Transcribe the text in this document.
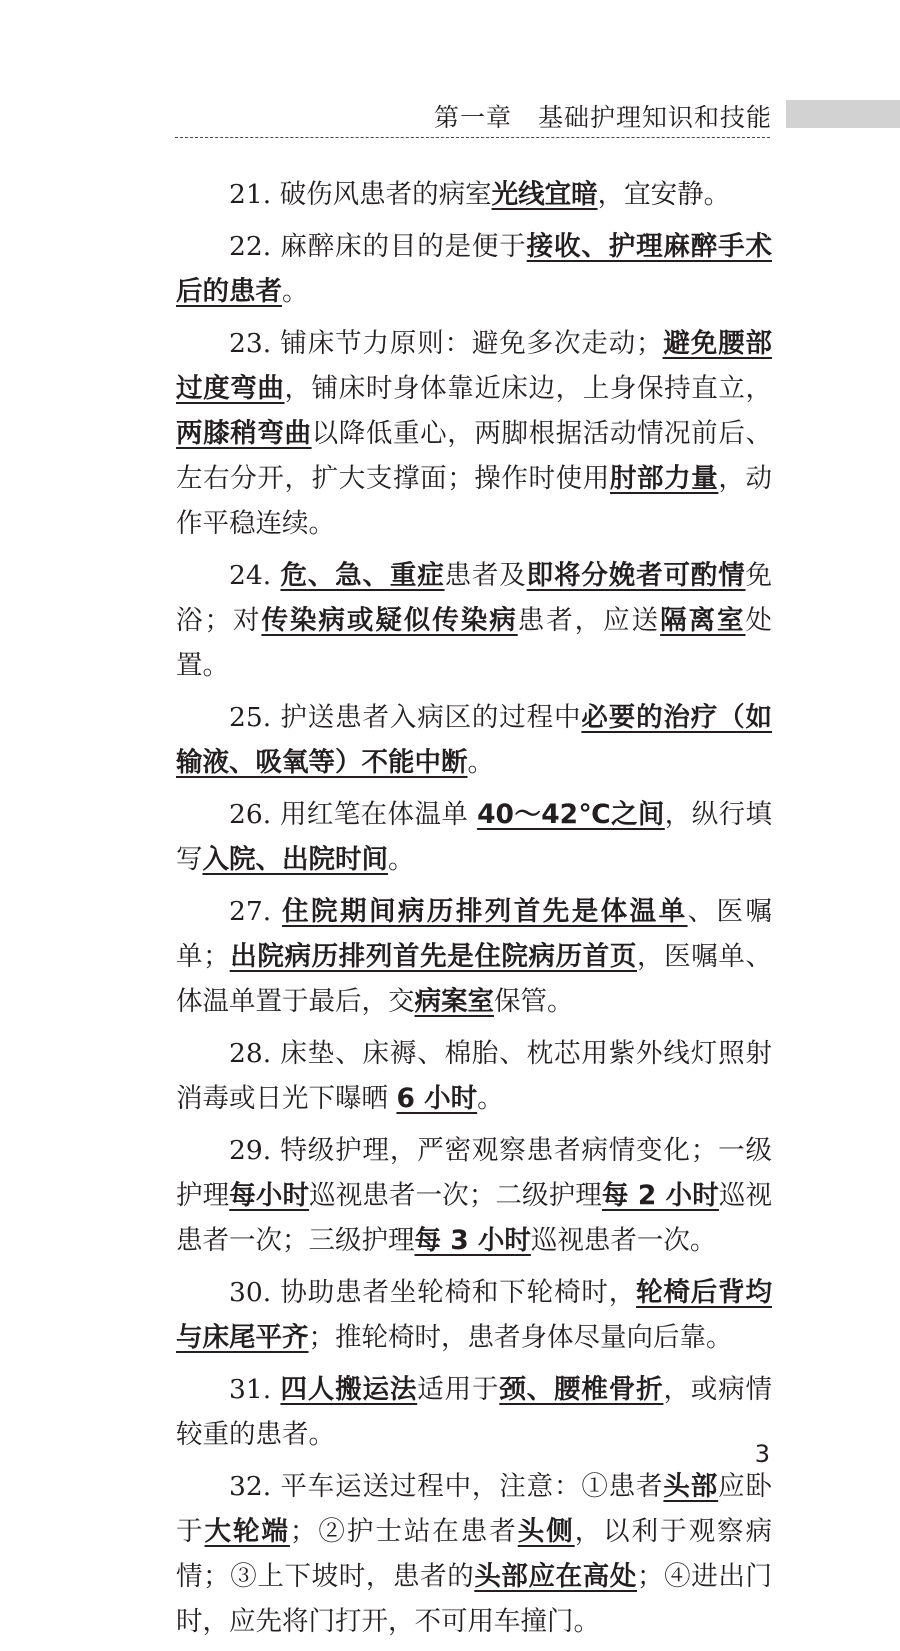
第一章　基础护理知识和技能

21. 破伤风患者的病室光线宜暗，宜安静。

22. 麻醉床的目的是便于接收、护理麻醉手术后的患者。

23. 铺床节力原则：避免多次走动；避免腰部过度弯曲，铺床时身体靠近床边，上身保持直立，两膝稍弯曲以降低重心，两脚根据活动情况前后、左右分开，扩大支撑面；操作时使用肘部力量，动作平稳连续。

24. 危、急、重症患者及即将分娩者可酌情免浴；对传染病或疑似传染病患者，应送隔离室处置。

25. 护送患者入病区的过程中必要的治疗（如输液、吸氧等）不能中断。

26. 用红笔在体温单 40～42℃之间，纵行填写入院、出院时间。

27. 住院期间病历排列首先是体温单、医嘱单；出院病历排列首先是住院病历首页，医嘱单、体温单置于最后，交病案室保管。

28. 床垫、床褥、棉胎、枕芯用紫外线灯照射消毒或日光下曝晒 6 小时。

29. 特级护理，严密观察患者病情变化；一级护理每小时巡视患者一次；二级护理每 2 小时巡视患者一次；三级护理每 3 小时巡视患者一次。

30. 协助患者坐轮椅和下轮椅时，轮椅后背均与床尾平齐；推轮椅时，患者身体尽量向后靠。

31. 四人搬运法适用于颈、腰椎骨折，或病情较重的患者。

32. 平车运送过程中，注意：①患者头部应卧于大轮端；②护士站在患者头侧，以利于观察病情；③上下坡时，患者的头部应在高处；④进出门时，应先将门打开，不可用车撞门。

3
